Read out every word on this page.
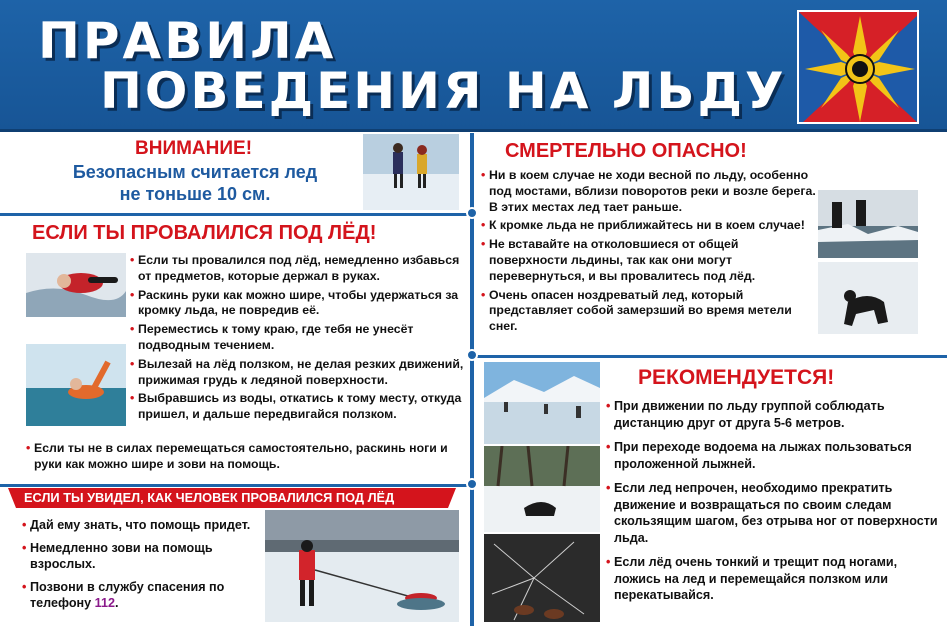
ПРАВИЛА
ПОВЕДЕНИЯ НА ЛЬДУ
ВНИМАНИЕ!
Безопасным считается лед
не тоньше 10 см.
ЕСЛИ ТЫ ПРОВАЛИЛСЯ ПОД ЛЁД!
• Если ты провалился под лёд, немедленно избавься от предметов, которые держал в руках.
• Раскинь руки как можно шире, чтобы удержаться за кромку льда, не повредив её.
• Переместись к тому краю, где тебя не унесёт подводным течением.
• Вылезай на лёд ползком, не делая резких движений, прижимая грудь к ледяной поверхности.
• Выбравшись из воды, откатись к тому месту, откуда пришел, и дальше передвигайся ползком.
• Если ты не в силах перемещаться самостоятельно, раскинь ноги и руки как можно шире и зови на помощь.
ЕСЛИ ТЫ УВИДЕЛ, КАК ЧЕЛОВЕК ПРОВАЛИЛСЯ ПОД ЛЁД
• Дай ему знать, что помощь придет.
• Немедленно зови на помощь взрослых.
• Позвони в службу спасения по телефону 112.
СМЕРТЕЛЬНО ОПАСНО!
• Ни в коем случае не ходи весной по льду, особенно под мостами, вблизи поворотов реки и возле берега. В этих местах лед тает раньше.
• К кромке льда не приближайтесь ни в коем случае!
• Не вставайте на отколовшиеся от общей поверхности льдины, так как они могут перевернуться, и вы провалитесь под лёд.
• Очень опасен ноздреватый лед, который представляет собой замерзший во время метели снег.
РЕКОМЕНДУЕТСЯ!
• При движении по льду группой соблюдать дистанцию друг от друга 5-6 метров.
• При переходе водоема на лыжах пользоваться проложенной лыжней.
• Если лед непрочен, необходимо прекратить движение и возвращаться по своим следам скользящим шагом, без отрыва ног от поверхности льда.
• Если лёд очень тонкий и трещит под ногами, ложись на лед и перемещайся ползком или перекатывайся.
